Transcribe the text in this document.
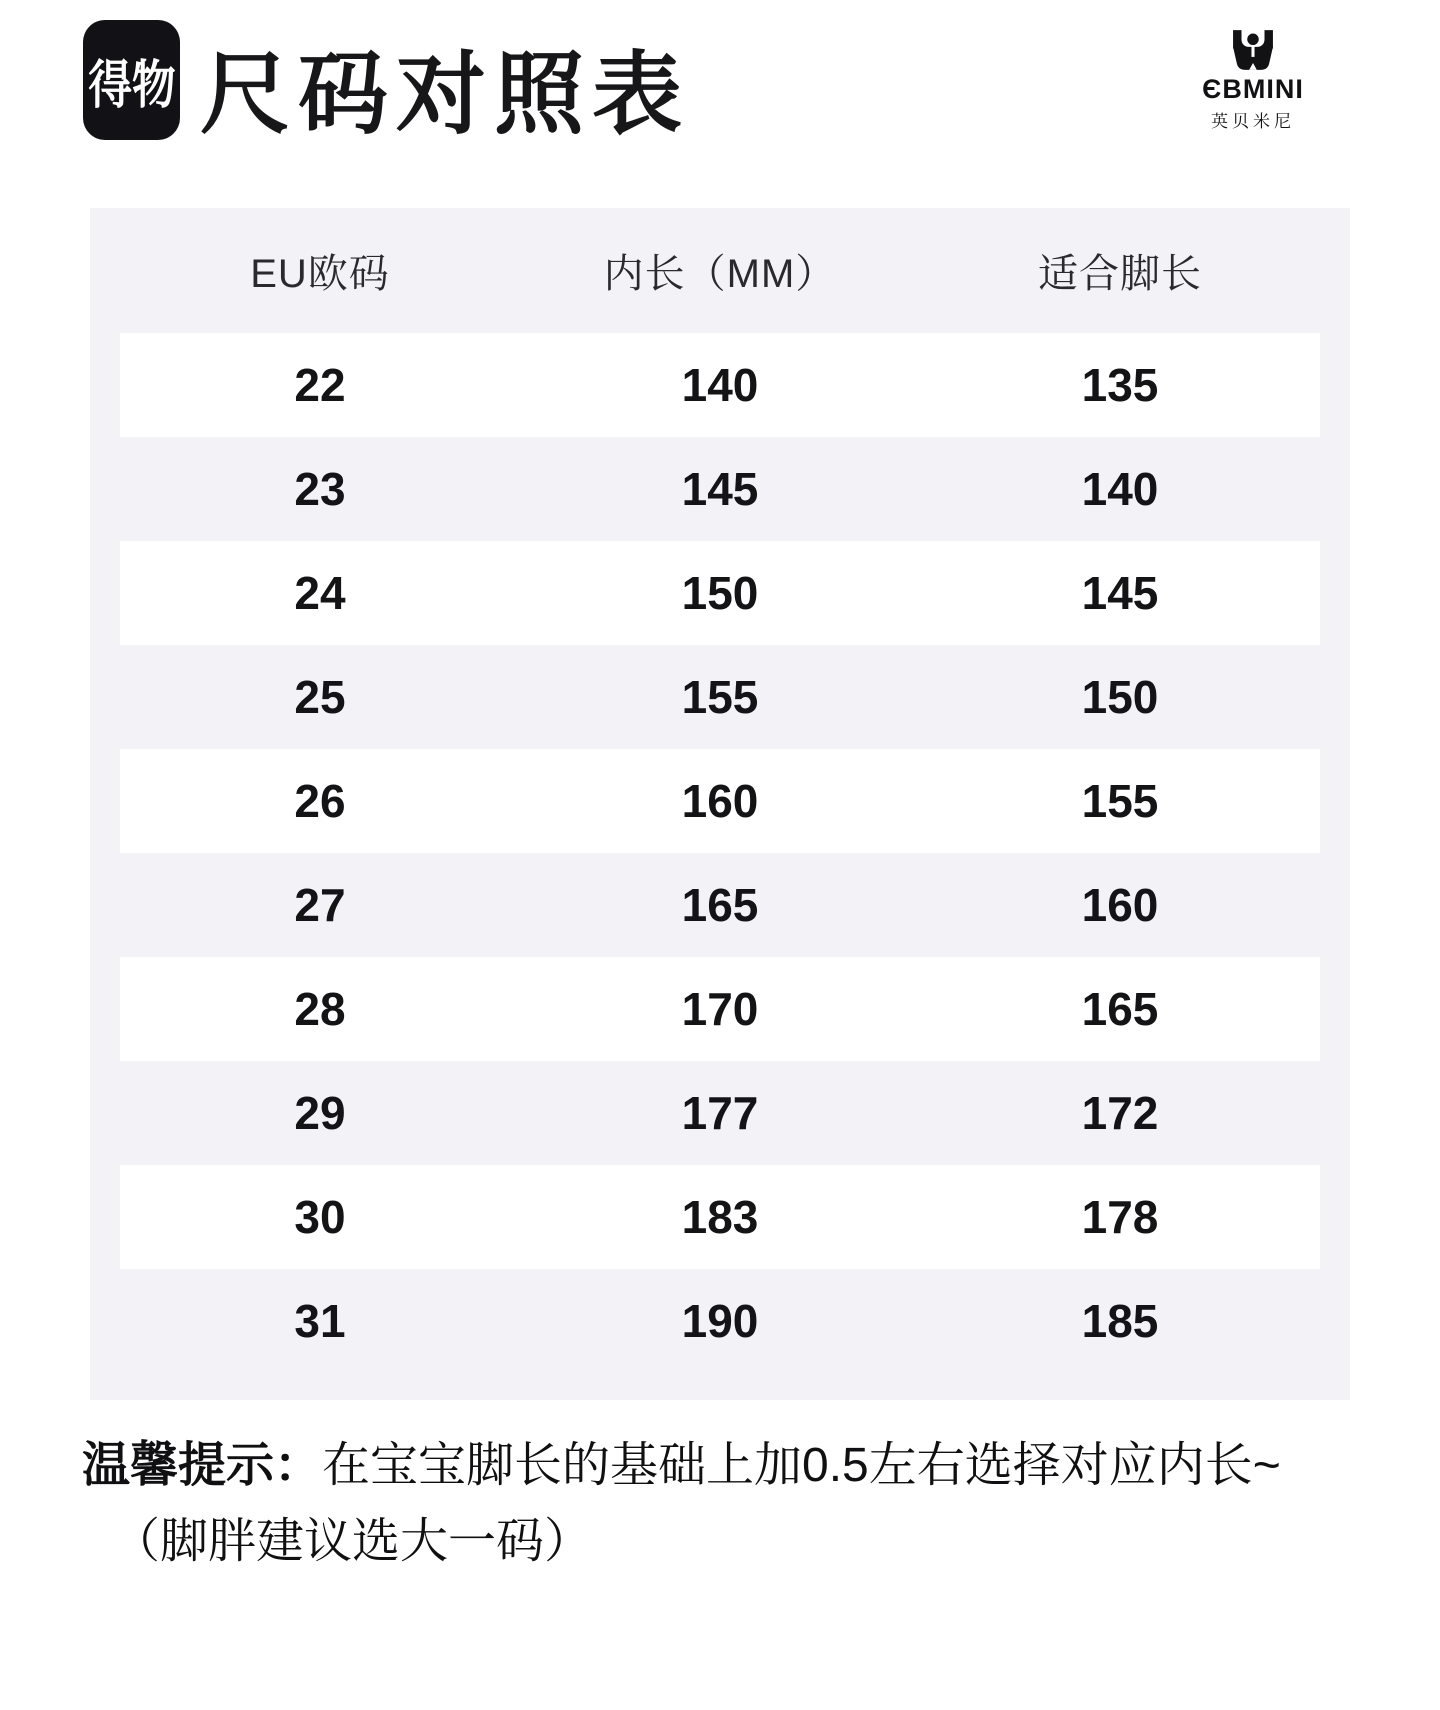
得物 尺码对照表	ЄBMINI
英贝米尼
EU欧码	内长（MM）	适合脚长
22	140	135
23	145	140
24	150	145
25	155	150
26	160	155
27	165	160
28	170	165
29	177	172
30	183	178
31	190	185
温馨提示：在宝宝脚长的基础上加0.5左右选择对应内长~
（脚胖建议选大一码）
